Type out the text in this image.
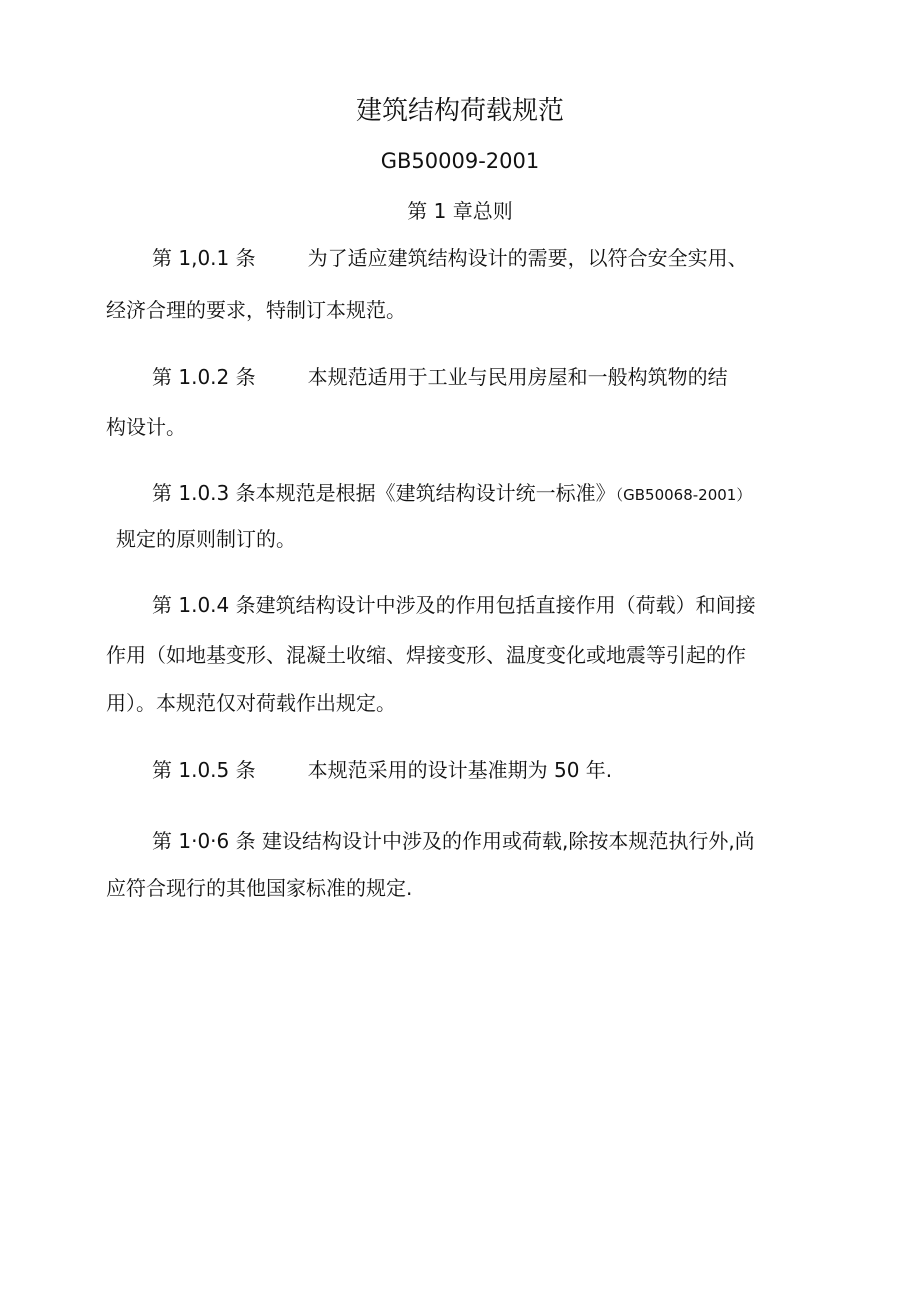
建筑结构荷载规范
GB50009-2001
第 1 章总则
第 1,0.1 条	为了适应建筑结构设计的需要，以符合安全实用、
经济合理的要求，特制订本规范。
第 1.0.2 条	本规范适用于工业与民用房屋和一般构筑物的结
构设计。
第 1.0.3 条本规范是根据《建筑结构设计统一标准》（GB50068-2001）
规定的原则制订的。
第 1.0.4 条建筑结构设计中涉及的作用包括直接作用（荷载）和间接
作用（如地基变形、混凝土收缩、焊接变形、温度变化或地震等引起的作
用）。本规范仅对荷载作出规定。
第 1.0.5 条	本规范采用的设计基准期为 50 年.
第 1·0·6 条 建设结构设计中涉及的作用或荷载,除按本规范执行外,尚
应符合现行的其他国家标准的规定.
